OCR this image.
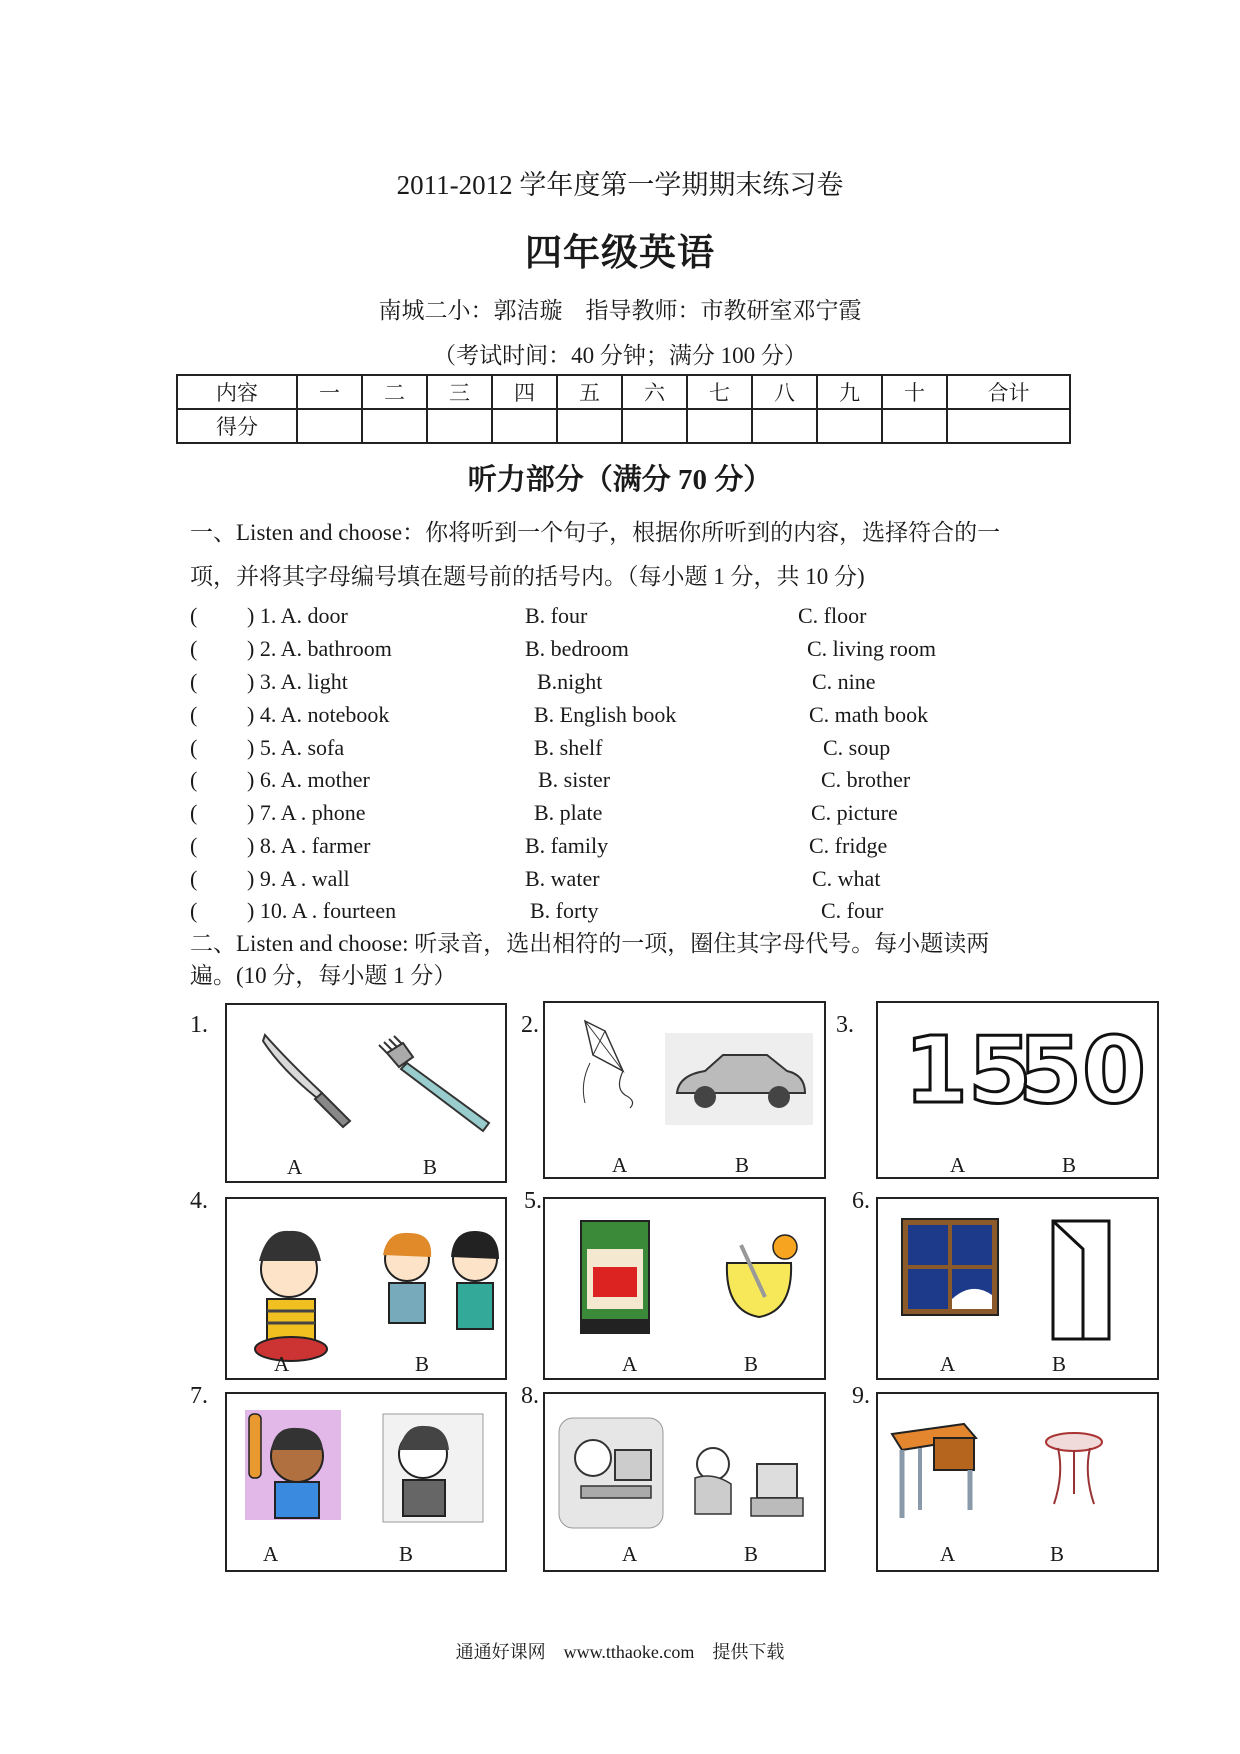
2011-2012 学年度第一学期期末练习卷
四年级英语
南城二小：郭洁璇　指导教师：市教研室邓宁霞
（考试时间：40 分钟；满分 100 分）
内容	一	二	三	四	五	六	七	八	九	十	合计
得分											
听力部分（满分 70 分）
一、Listen and choose：你将听到一个句子，根据你所听到的内容，选择符合的一
项，并将其字母编号填在题号前的括号内。（每小题 1 分，共 10 分)
( ) 1. A. door	B. four	C. floor
( ) 2. A. bathroom	B. bedroom	C. living room
( ) 3. A. light	B.night	C. nine
( ) 4. A. notebook	B. English book	C. math book
( ) 5. A. sofa	B. shelf	C. soup
( ) 6. A. mother	B. sister	C. brother
( ) 7. A . phone	B. plate	C. picture
( ) 8. A . farmer	B. family	C. fridge
( ) 9. A . wall	B. water	C. what
( ) 10. A . fourteen	B. forty	C. four
二、Listen and choose: 听录音，选出相符的一项，圈住其字母代号。每小题读两
遍。(10 分，每小题 1 分）
1.
A	B
2.
A	B
3. 15
50
A	B
4.
A	B
5.
A	B
6.
A	B
7.
A	B
8.
A	B
9.
A	B
通通好课网　www.tthaoke.com　提供下载
